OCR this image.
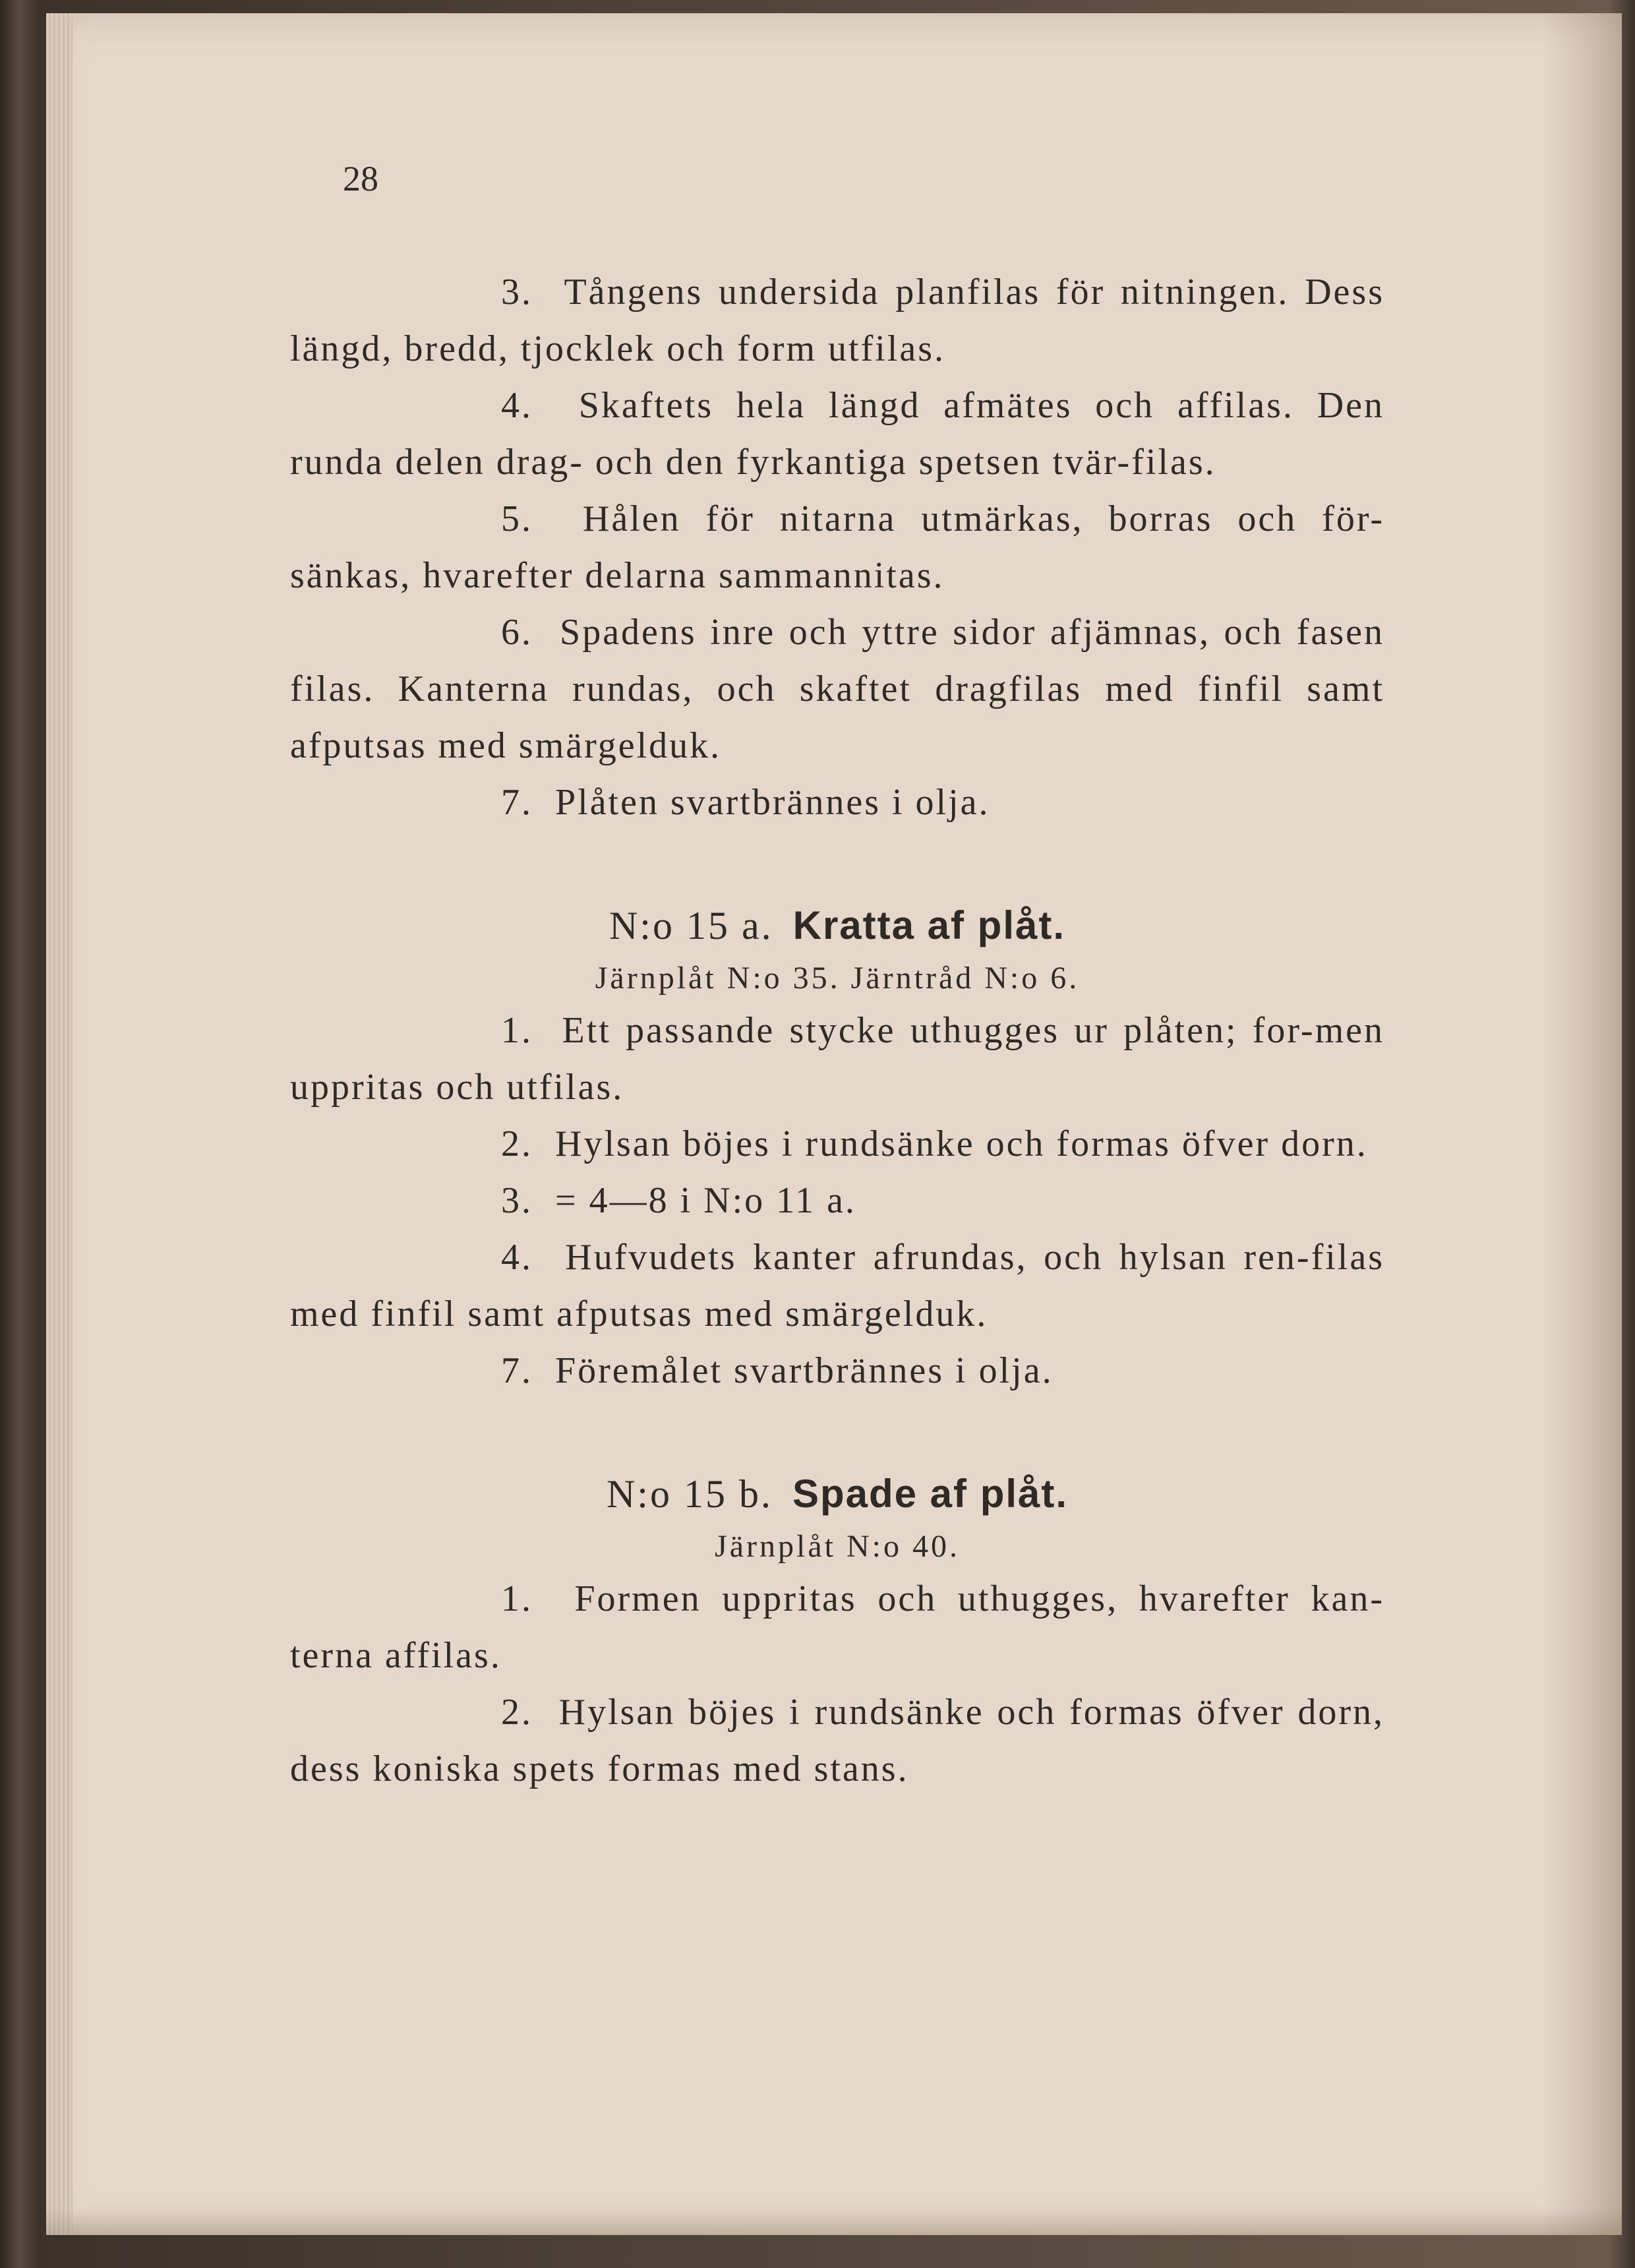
28

3. Tångens undersida planfilas för nitningen. Dess längd, bredd, tjocklek och form utfilas.

4. Skaftets hela längd afmätes och affilas. Den runda delen drag- och den fyrkantiga spetsen tvär-filas.

5. Hålen för nitarna utmärkas, borras och för-sänkas, hvarefter delarna sammannitas.

6. Spadens inre och yttre sidor afjämnas, och fasen filas. Kanterna rundas, och skaftet dragfilas med finfil samt afputsas med smärgelduk.

7. Plåten svartbrännes i olja.

N:o 15 a. Kratta af plåt.
Järnplåt N:o 35. Järntråd N:o 6.

1. Ett passande stycke uthugges ur plåten; for-men uppritas och utfilas.

2. Hylsan böjes i rundsänke och formas öfver dorn.

3. = 4—8 i N:o 11 a.

4. Hufvudets kanter afrundas, och hylsan ren-filas med finfil samt afputsas med smärgelduk.

7. Föremålet svartbrännes i olja.

N:o 15 b. Spade af plåt.
Järnplåt N:o 40.

1. Formen uppritas och uthugges, hvarefter kan-terna affilas.

2. Hylsan böjes i rundsänke och formas öfver dorn, dess koniska spets formas med stans.
